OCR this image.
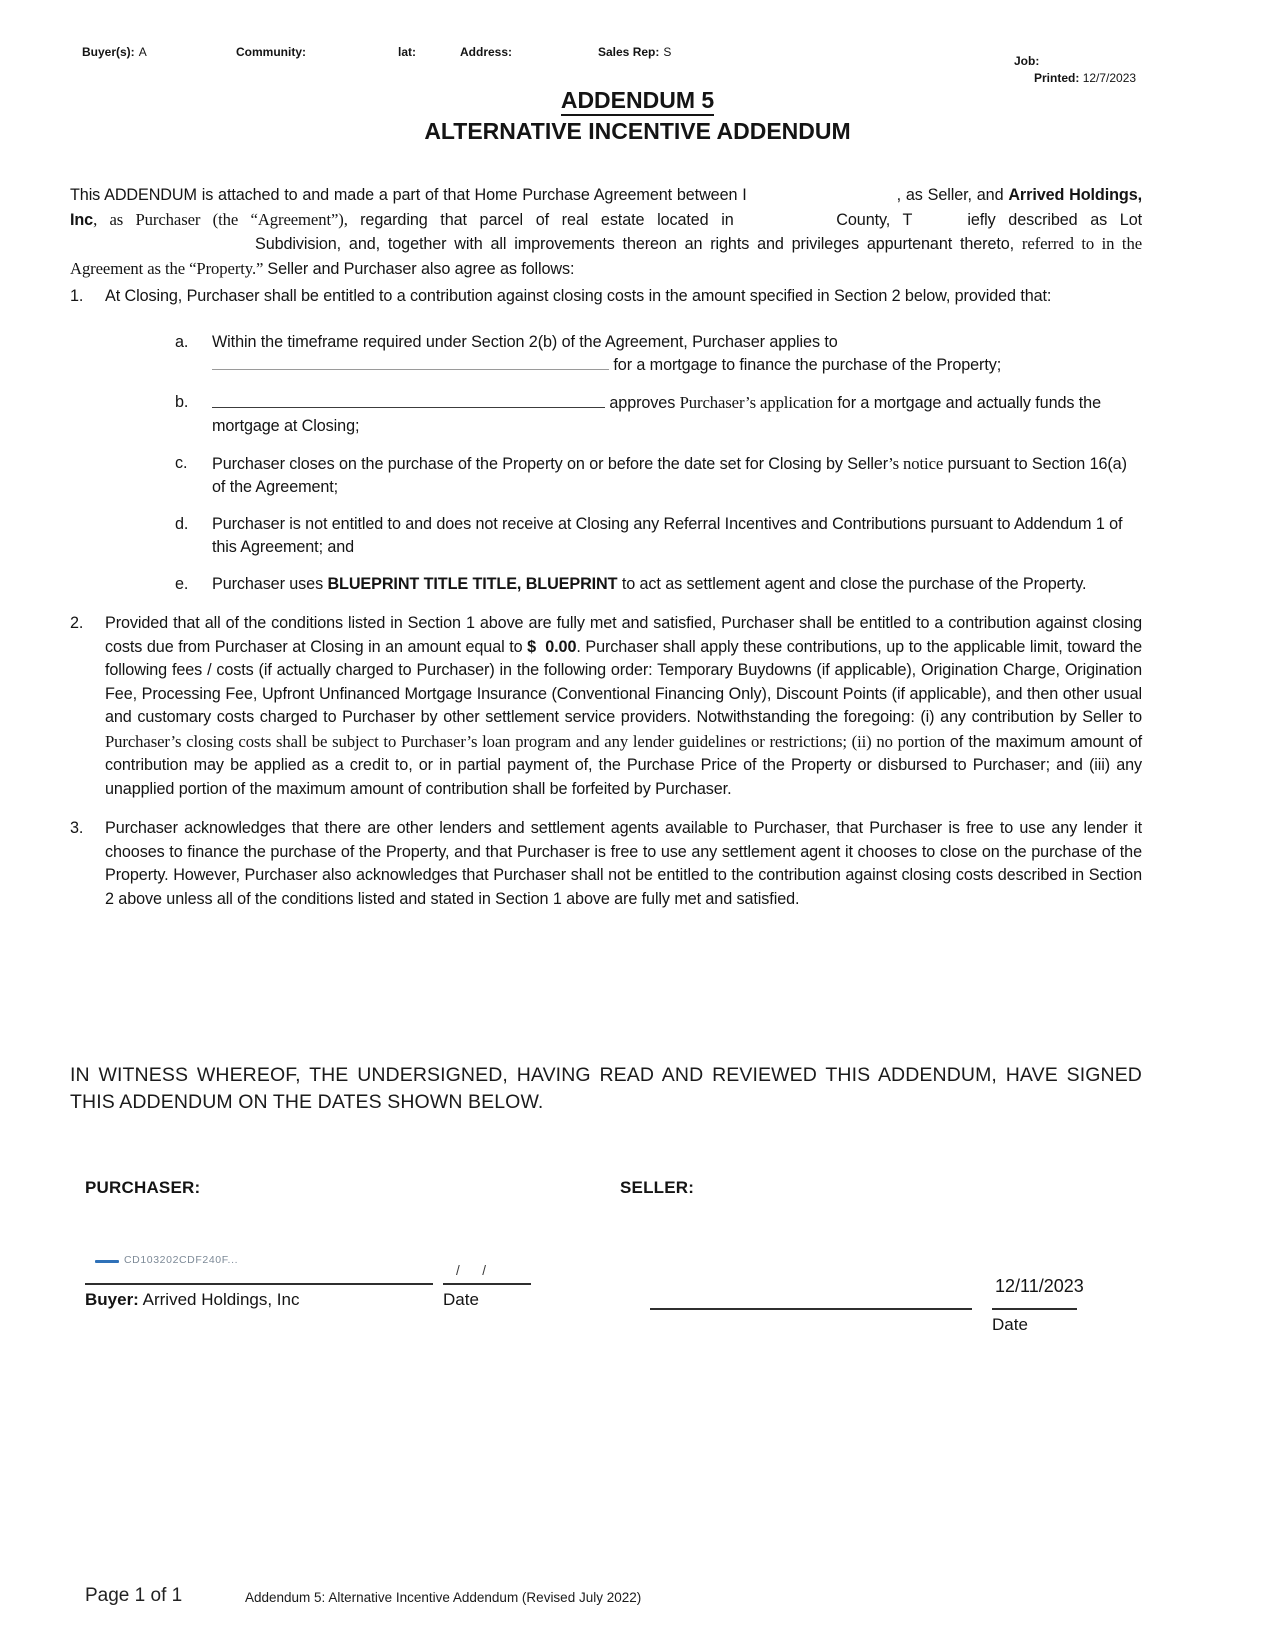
Buyer(s): A	Community:	lat:	Address:	Sales Rep: S
Job:
Printed: 12/7/2023
ADDENDUM 5
ALTERNATIVE INCENTIVE ADDENDUM

This ADDENDUM is attached to and made a part of that Home Purchase Agreement between I	, as Seller, and Arrived Holdings, Inc, as Purchaser (the “Agreement”), regarding that parcel of real estate located in	County, T	iefly described as Lot Subdivision, and, together with all improvements thereon an rights and privileges appurtenant thereto, referred to in the Agreement as the “Property.” Seller and Purchaser also agree as follows:

1.	At Closing, Purchaser shall be entitled to a contribution against closing costs in the amount specified in Section 2 below, provided that:
a.	Within the timeframe required under Section 2(b) of the Agreement, Purchaser applies to  for a mortgage to finance the purchase of the Property;
b.	approves Purchaser’s application for a mortgage and actually funds the mortgage at Closing;
c.	Purchaser closes on the purchase of the Property on or before the date set for Closing by Seller’s notice pursuant to Section 16(a) of the Agreement;
d.	Purchaser is not entitled to and does not receive at Closing any Referral Incentives and Contributions pursuant to Addendum 1 of this Agreement; and
e.	Purchaser uses BLUEPRINT TITLE TITLE, BLUEPRINT to act as settlement agent and close the purchase of the Property.
2.	Provided that all of the conditions listed in Section 1 above are fully met and satisfied, Purchaser shall be entitled to a contribution against closing costs due from Purchaser at Closing in an amount equal to $  0.00. Purchaser shall apply these contributions, up to the applicable limit, toward the following fees / costs (if actually charged to Purchaser) in the following order: Temporary Buydowns (if applicable), Origination Charge, Origination Fee, Processing Fee, Upfront Unfinanced Mortgage Insurance (Conventional Financing Only), Discount Points (if applicable), and then other usual and customary costs charged to Purchaser by other settlement service providers. Notwithstanding the foregoing: (i) any contribution by Seller to Purchaser’s closing costs shall be subject to Purchaser’s loan program and any lender guidelines or restrictions; (ii) no portion of the maximum amount of contribution may be applied as a credit to, or in partial payment of, the Purchase Price of the Property or disbursed to Purchaser; and (iii) any unapplied portion of the maximum amount of contribution shall be forfeited by Purchaser.
3.	Purchaser acknowledges that there are other lenders and settlement agents available to Purchaser, that Purchaser is free to use any lender it chooses to finance the purchase of the Property, and that Purchaser is free to use any settlement agent it chooses to close on the purchase of the Property. However, Purchaser also acknowledges that Purchaser shall not be entitled to the contribution against closing costs described in Section 2 above unless all of the conditions listed and stated in Section 1 above are fully met and satisfied.

IN WITNESS WHEREOF, THE UNDERSIGNED, HAVING READ AND REVIEWED THIS ADDENDUM, HAVE SIGNED THIS ADDENDUM ON THE DATES SHOWN BELOW.

PURCHASER:	SELLER:
CD103202CDF240F...
/      /
Buyer: Arrived Holdings, Inc	Date
12/11/2023
Date
Page 1 of 1	Addendum 5: Alternative Incentive Addendum (Revised July 2022)
